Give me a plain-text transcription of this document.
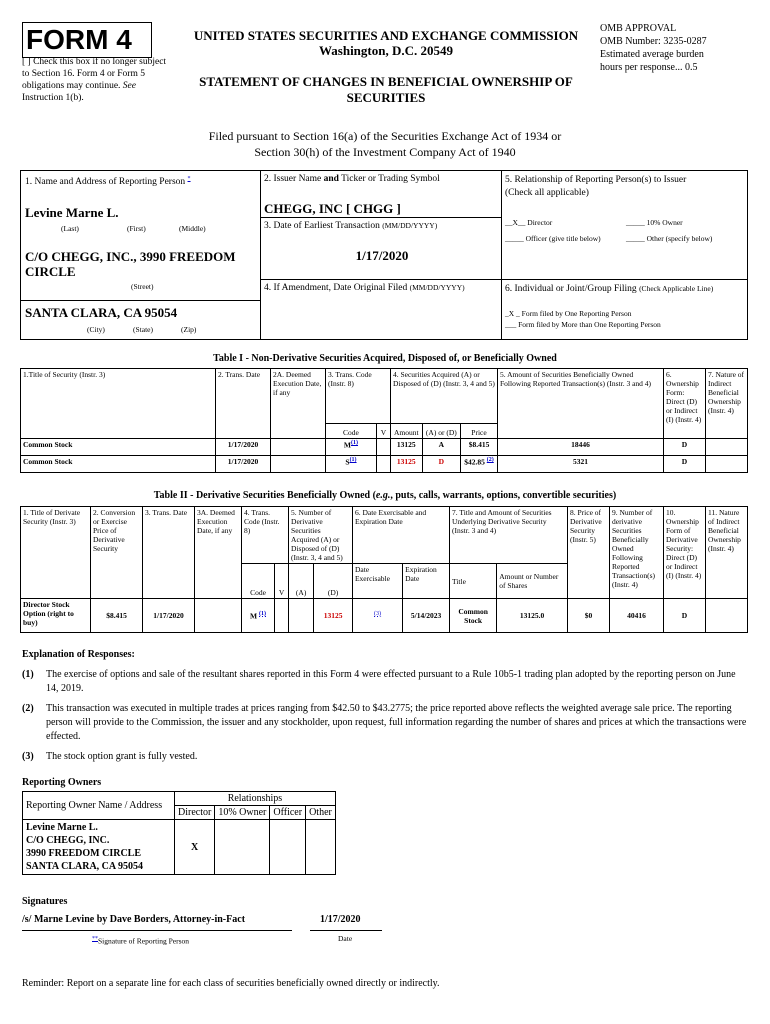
FORM 4
[ ] Check this box if no longer subject to Section 16. Form 4 or Form 5 obligations may continue. See Instruction 1(b).
UNITED STATES SECURITIES AND EXCHANGE COMMISSION
Washington, D.C. 20549
STATEMENT OF CHANGES IN BENEFICIAL OWNERSHIP OF
SECURITIES
OMB APPROVAL
OMB Number: 3235-0287
Estimated average burden
hours per response... 0.5
Filed pursuant to Section 16(a) of the Securities Exchange Act of 1934 or
Section 30(h) of the Investment Company Act of 1940
1. Name and Address of Reporting Person *
Levine Marne L.
(Last)	(First)	(Middle)
C/O CHEGG, INC., 3990 FREEDOM CIRCLE
(Street)
SANTA CLARA, CA 95054
(City)	(State)	(Zip)
2. Issuer Name and Ticker or Trading Symbol
CHEGG, INC [ CHGG ]
3. Date of Earliest Transaction (MM/DD/YYYY)
1/17/2020
4. If Amendment, Date Original Filed (MM/DD/YYYY)
5. Relationship of Reporting Person(s) to Issuer
(Check all applicable)
__X__ Director	_____ 10% Owner
_____ Officer (give title below)	_____ Other (specify below)
6. Individual or Joint/Group Filing (Check Applicable Line)
_X _ Form filed by One Reporting Person
___ Form filed by More than One Reporting Person
Table I - Non-Derivative Securities Acquired, Disposed of, or Beneficially Owned
1.Title of Security (Instr. 3)	2. Trans. Date	2A. Deemed Execution Date, if any	3. Trans. Code (Instr. 8)		4. Securities Acquired (A) or Disposed of (D) (Instr. 3, 4 and 5)			5. Amount of Securities Beneficially Owned Following Reported Transaction(s) (Instr. 3 and 4)	6. Ownership Form: Direct (D) or Indirect (I) (Instr. 4)	7. Nature of Indirect Beneficial Ownership (Instr. 4)
			Code	V	Amount	(A) or (D)	Price			
Common Stock	1/17/2020		$M^{(1)}$		13125	A	$8.415	18446	D	
Common Stock	1/17/2020		$S^{(1)}$		13125	D	$42.85 $^{(2)}$	5321	D	
Table II - Derivative Securities Beneficially Owned (e.g., puts, calls, warrants, options, convertible securities)
1. Title of Derivate Security (Instr. 3)	2. Conversion or Exercise Price of Derivative Security	3. Trans. Date	3A. Deemed Execution Date, if any	4. Trans. Code (Instr. 8)		5. Number of Derivative Securities Acquired (A) or Disposed of (D) (Instr. 3, 4 and 5)		6. Date Exercisable and Expiration Date		7. Title and Amount of Securities Underlying Derivative Security (Instr. 3 and 4)		8. Price of Derivative Security (Instr. 5)	9. Number of derivative Securities Beneficially Owned Following Reported Transaction(s) (Instr. 4)	10. Ownership Form of Derivative Security: Direct (D) or Indirect (I) (Instr. 4)	11. Nature of Indirect Beneficial Ownership (Instr. 4)
				Code	V	(A)	(D)	Date Exercisable	Expiration Date	Title	Amount or Number of Shares				
Director Stock Option (right to buy)	$8.415	1/17/2020		M $^{(1)}$			13125	$^{(3)}$	5/14/2023	Common Stock	13125.0	$0	40416	D	

Explanation of Responses:

(1)	The exercise of options and sale of the resultant shares reported in this Form 4 were effected pursuant to a Rule 10b5-1 trading plan adopted by the reporting person on June 14, 2019.

(2)	This transaction was executed in multiple trades at prices ranging from $42.50 to $43.2775; the price reported above reflects the weighted average sale price. The reporting person will provide to the Commission, the issuer and any stockholder, upon request, full information regarding the number of shares and prices at which the transactions were effected.

(3)	The stock option grant is fully vested.

Reporting Owners
Reporting Owner Name / Address	Relationships			
	Director	10% Owner	Officer	Other

Levine Marne L.
C/O CHEGG, INC.
3990 FREEDOM CIRCLE
SANTA CLARA, CA 95054	X			
Signatures
/s/ Marne Levine by Dave Borders, Attorney-in-Fact	1/17/2020
**Signature of Reporting Person	Date
Reminder: Report on a separate line for each class of securities beneficially owned directly or indirectly.
